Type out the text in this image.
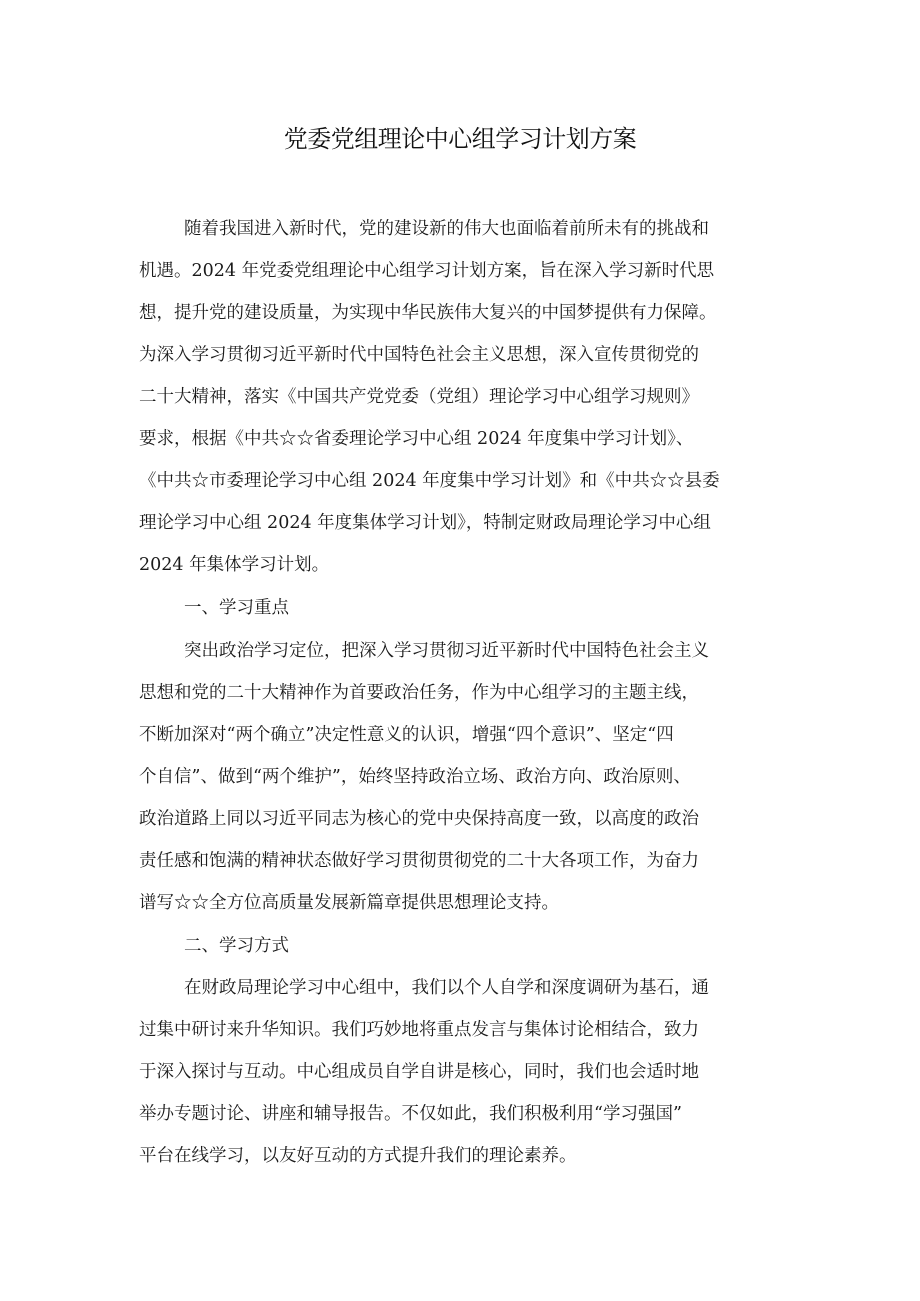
党委党组理论中心组学习计划方案
随着我国进入新时代，党的建设新的伟大也面临着前所未有的挑战和
机遇。2024 年党委党组理论中心组学习计划方案，旨在深入学习新时代思
想，提升党的建设质量，为实现中华民族伟大复兴的中国梦提供有力保障。
为深入学习贯彻习近平新时代中国特色社会主义思想，深入宣传贯彻党的
二十大精神，落实《中国共产党党委（党组）理论学习中心组学习规则》
要求，根据《中共☆☆省委理论学习中心组 2024 年度集中学习计划》、
《中共☆市委理论学习中心组 2024 年度集中学习计划》和《中共☆☆县委
理论学习中心组 2024 年度集体学习计划》，特制定财政局理论学习中心组
2024 年集体学习计划。
一、学习重点
突出政治学习定位，把深入学习贯彻习近平新时代中国特色社会主义
思想和党的二十大精神作为首要政治任务，作为中心组学习的主题主线，
不断加深对“两个确立”决定性意义的认识，增强“四个意识”、坚定“四
个自信”、做到“两个维护”，始终坚持政治立场、政治方向、政治原则、
政治道路上同以习近平同志为核心的党中央保持高度一致，以高度的政治
责任感和饱满的精神状态做好学习贯彻贯彻党的二十大各项工作，为奋力
谱写☆☆全方位高质量发展新篇章提供思想理论支持。
二、学习方式
在财政局理论学习中心组中，我们以个人自学和深度调研为基石，通
过集中研讨来升华知识。我们巧妙地将重点发言与集体讨论相结合，致力
于深入探讨与互动。中心组成员自学自讲是核心，同时，我们也会适时地
举办专题讨论、讲座和辅导报告。不仅如此，我们积极利用“学习强国”
平台在线学习，以友好互动的方式提升我们的理论素养。
